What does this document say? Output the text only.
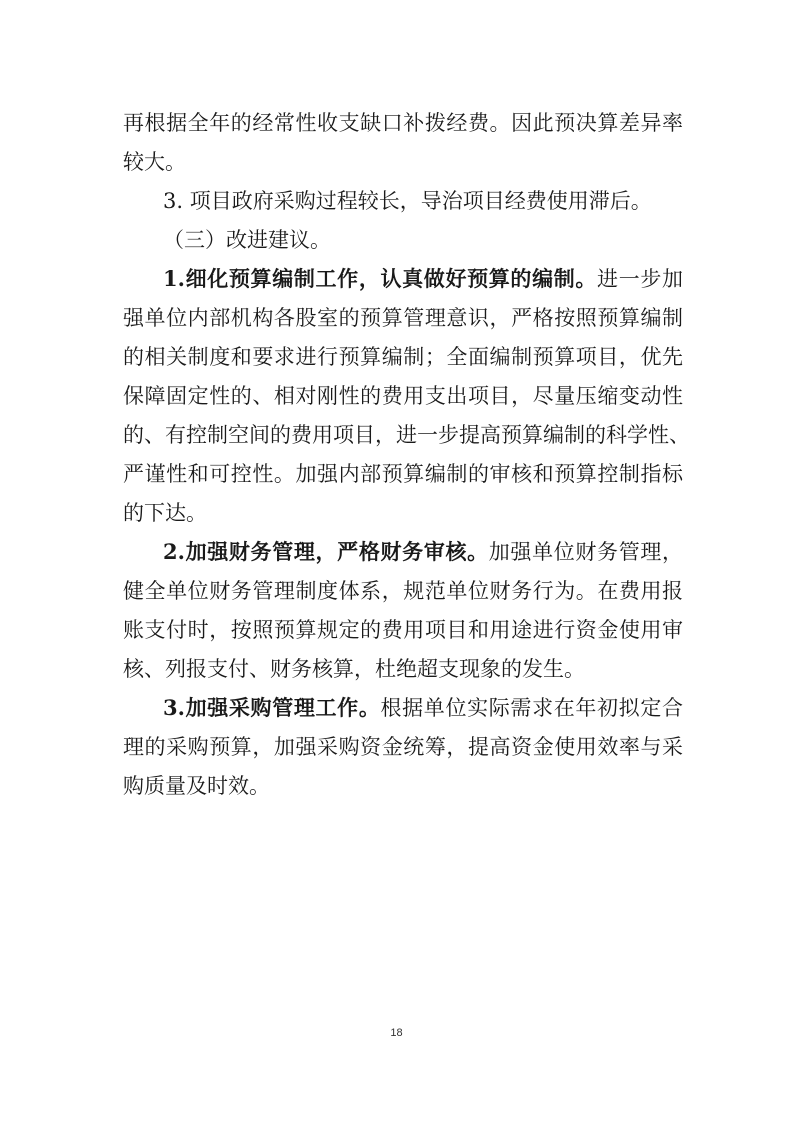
再根据全年的经常性收支缺口补拨经费。因此预决算差异率
较大。
3. 项目政府采购过程较长，导治项目经费使用滞后。
（三）改进建议。
1.细化预算编制工作，认真做好预算的编制。进一步加
强单位内部机构各股室的预算管理意识，严格按照预算编制
的相关制度和要求进行预算编制；全面编制预算项目，优先
保障固定性的、相对刚性的费用支出项目，尽量压缩变动性
的、有控制空间的费用项目，进一步提高预算编制的科学性、
严谨性和可控性。加强内部预算编制的审核和预算控制指标
的下达。
2.加强财务管理，严格财务审核。加强单位财务管理，
健全单位财务管理制度体系，规范单位财务行为。在费用报
账支付时，按照预算规定的费用项目和用途进行资金使用审
核、列报支付、财务核算，杜绝超支现象的发生。
3.加强采购管理工作。根据单位实际需求在年初拟定合
理的采购预算，加强采购资金统筹，提高资金使用效率与采
购质量及时效。
18
